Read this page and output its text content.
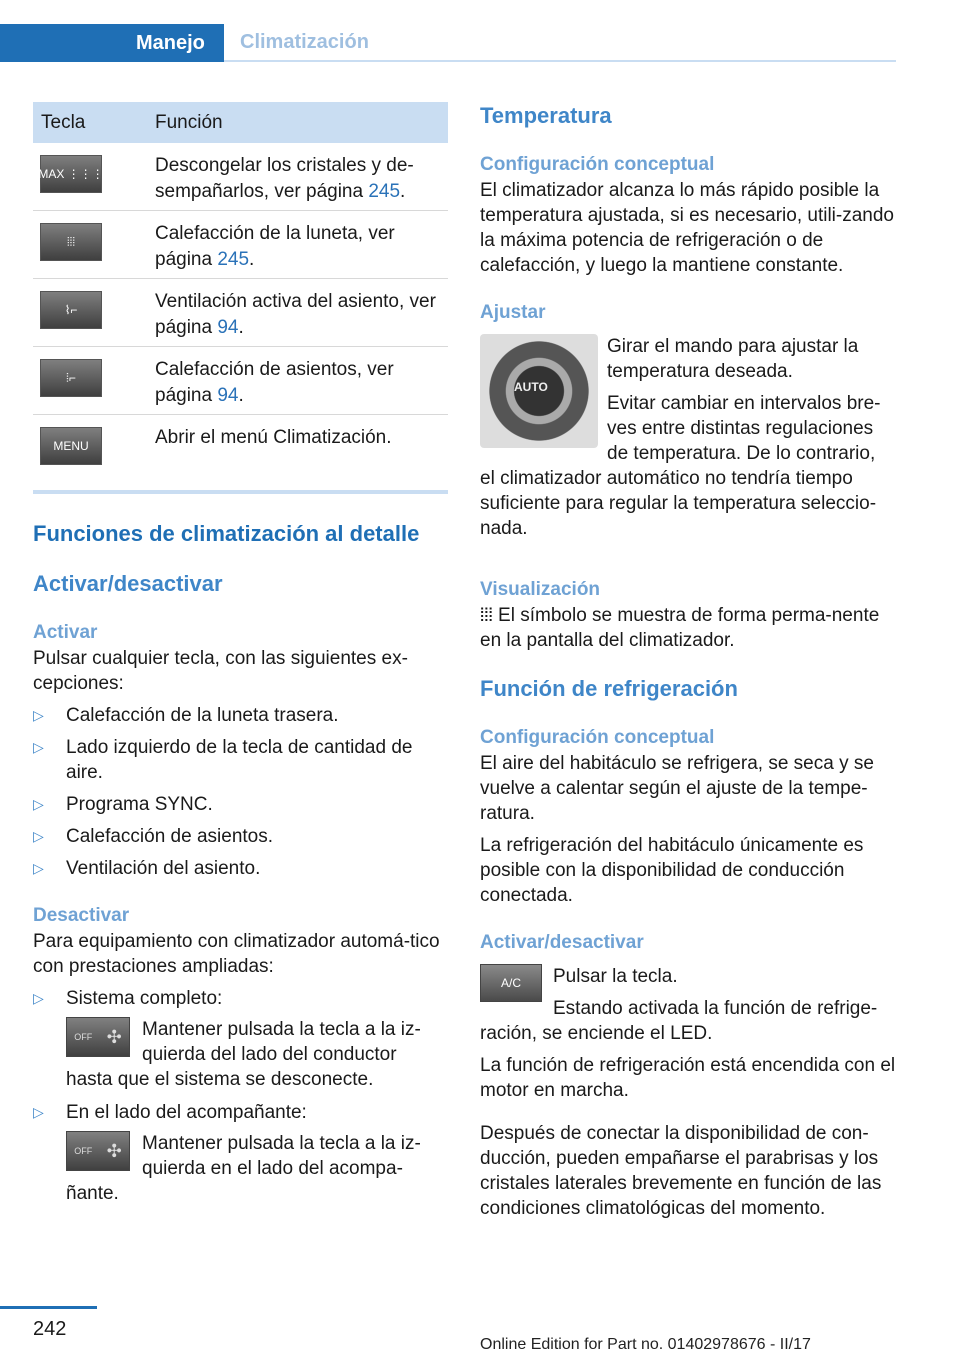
Manejo Climatización
Tecla	Función

MAX ⋮⋮⋮	Descongelar los cristales y de-sempañarlos, ver página 245.

⦙⦙⦙	Calefacción de la luneta, ver página 245.

⌇⌐	Ventilación activa del asiento, ver página 94.

⦙⌐	Calefacción de asientos, ver página 94.

MENU	Abrir el menú Climatización.
Funciones de climatización al detalle
Activar/desactivar
Activar

Pulsar cualquier tecla, con las siguientes ex-cepciones:

▷ Calefacción de la luneta trasera.
▷ Lado izquierdo de la tecla de cantidad de aire.
▷ Programa SYNC.
▷ Calefacción de asientos.
▷ Ventilación del asiento.
Desactivar

Para equipamiento con climatizador automá-tico con prestaciones ampliadas:

▷ Sistema completo:
OFF ✣	Mantener pulsada la tecla a la iz-
quierda del lado del conductor
hasta que el sistema se desconecte.
▷ En el lado del acompañante:
OFF ✣	Mantener pulsada la tecla a la iz-
quierda en el lado del acompa-
ñante.
Temperatura
Configuración conceptual

El climatizador alcanza lo más rápido posible la temperatura ajustada, si es necesario, utili-zando la máxima potencia de refrigeración o de calefacción, y luego la mantiene constante.

Ajustar
AUTO

Girar el mando para ajustar la temperatura deseada.

Evitar cambiar en intervalos bre-ves entre distintas regulaciones de temperatura. De lo contrario,

el climatizador automático no tendría tiempo suficiente para regular la temperatura seleccio-nada.

Visualización

⦙⦙⦙ El símbolo se muestra de forma perma-nente en la pantalla del climatizador.

Función de refrigeración
Configuración conceptual

El aire del habitáculo se refrigera, se seca y se vuelve a calentar según el ajuste de la tempe-ratura.

La refrigeración del habitáculo únicamente es posible con la disponibilidad de conducción conectada.

Activar/desactivar
A/C Pulsar la tecla.

Estando activada la función de refrige-

ración, se enciende el LED.

La función de refrigeración está encendida con el motor en marcha.

Después de conectar la disponibilidad de con-ducción, pueden empañarse el parabrisas y los cristales laterales brevemente en función de las condiciones climatológicas del momento.

242
Online Edition for Part no. 01402978676 - II/17
